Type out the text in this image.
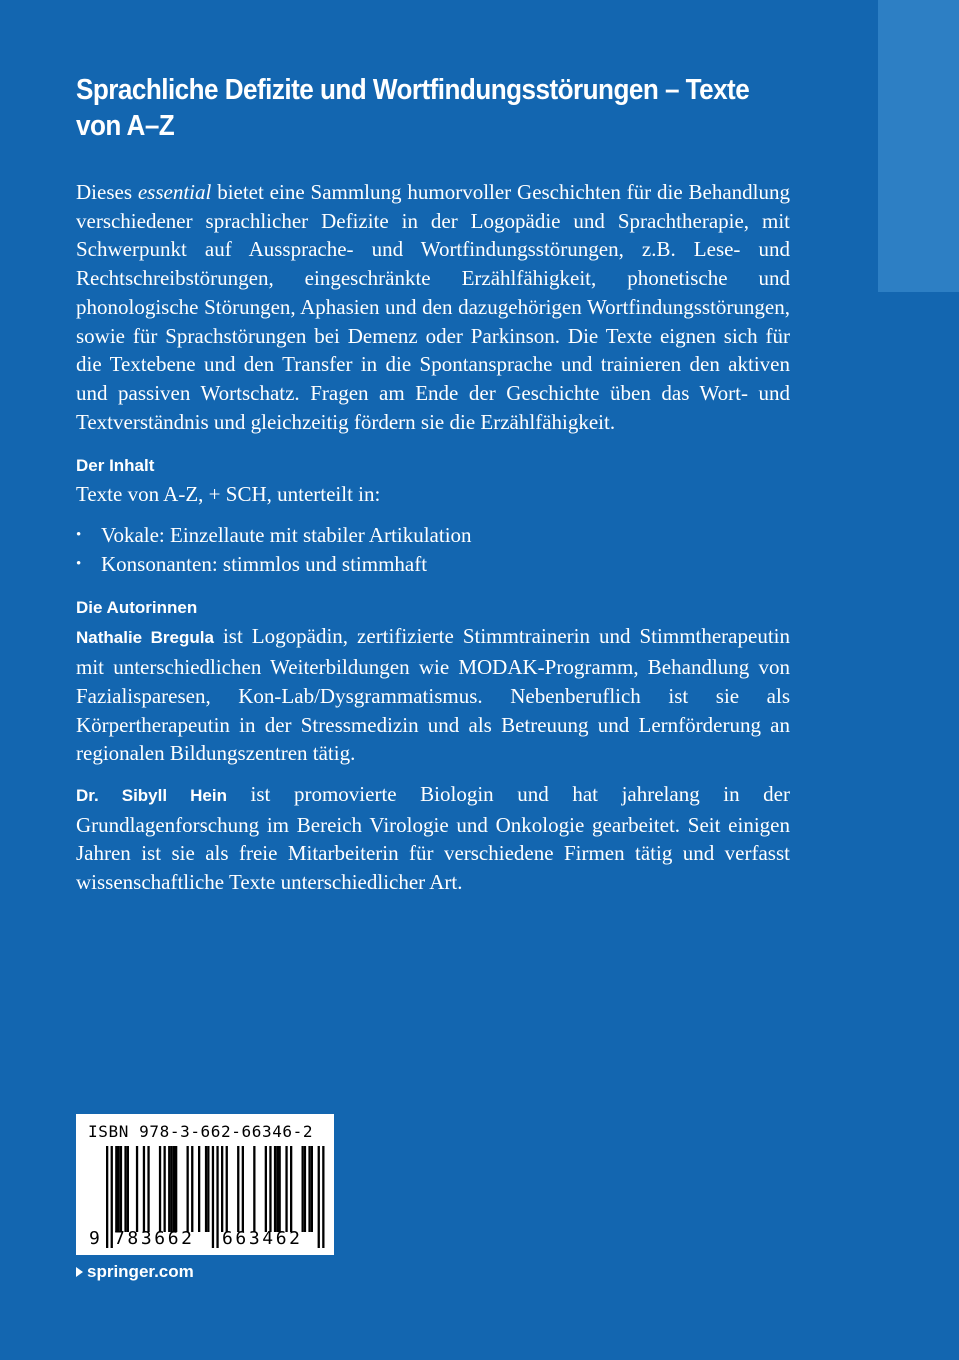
Sprachliche Defizite und Wortfindungsstörungen – Texte von A–Z

Dieses essential bietet eine Sammlung humorvoller Geschichten für die Behandlung verschiedener sprachlicher Defizite in der Logopädie und Sprachtherapie, mit Schwerpunkt auf Aussprache- und Wortfindungsstörungen, z.B. Lese- und Rechtschreibstörungen, eingeschränkte Erzählfähigkeit, phonetische und phonologische Störungen, Aphasien und den dazugehörigen Wortfindungsstörungen, sowie für Sprachstörungen bei Demenz oder Parkinson. Die Texte eignen sich für die Textebene und den Transfer in die Spontansprache und trainieren den aktiven und passiven Wortschatz. Fragen am Ende der Geschichte üben das Wort- und Textverständnis und gleichzeitig fördern sie die Erzählfähigkeit.

Der Inhalt

Texte von A-Z, + SCH, unterteilt in:

• Vokale: Einzellaute mit stabiler Artikulation
• Konsonanten: stimmlos und stimmhaft
Die Autorinnen

Nathalie Bregula ist Logopädin, zertifizierte Stimmtrainerin und Stimmtherapeutin mit unterschiedlichen Weiterbildungen wie MODAK-Programm, Behandlung von Fazialisparesen, Kon-Lab/Dysgrammatismus. Nebenberuflich ist sie als Körpertherapeutin in der Stressmedizin und als Betreuung und Lernförderung an regionalen Bildungszentren tätig.

Dr. Sibyll Hein ist promovierte Biologin und hat jahrelang in der Grundlagenforschung im Bereich Virologie und Onkologie gearbeitet. Seit einigen Jahren ist sie als freie Mitarbeiterin für verschiedene Firmen tätig und verfasst wissenschaftliche Texte unterschiedlicher Art.

ISBN 978-3-662-66346-2
9 783662 663462
springer.com
